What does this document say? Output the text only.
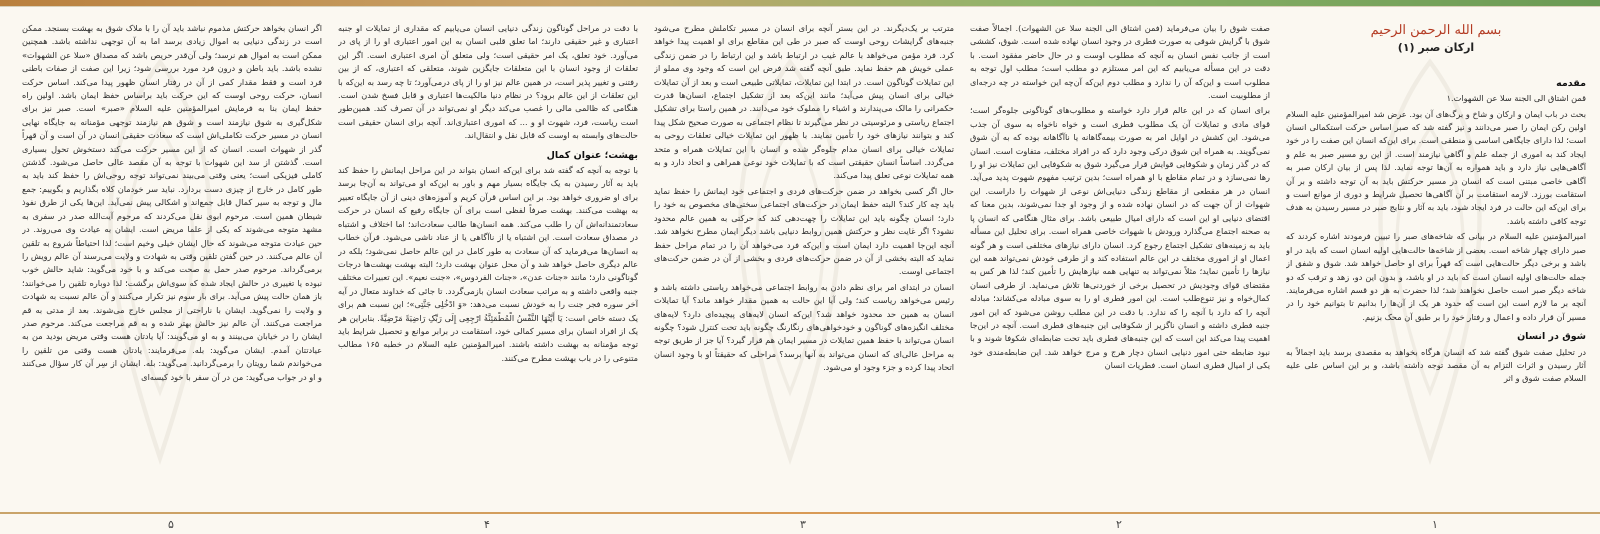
بسم الله الرحمن الرحیم
ارکان صبر (۱)
مقدمه

قمن اشتاق الی الجنة سلا عن الشهوات.۱

بحث در باب ایمان و ارکان و شاخ و برگ‌های آن بود. عرض شد امیرالمؤمنین علیه السلام اولین رکن ایمان را صبر می‌دانند و نیز گفته شد که صبر اساس حرکت استکمالی انسان است؛ لذا دارای جایگاهی اساسی و منطقی است. برای این‌که انسان این صفت را در خود ایجاد کند به اموری از جمله علم و آگاهی نیازمند است. از این رو مسیر صبر به علم و آگاهی‌هایی نیاز دارد و باید همواره به آن‌ها توجه نماید. لذا پس از بیان ارکان صبر به آگاهی خاصی مبتنی است که انسان در مسیر حرکتش باید به آن توجه داشته و بر آن استقامت بورزد. لازمه استقامت بر آن آگاهی‌ها تحصیل شرایط و دوری از موانع است و برای این‌که این حالت در فرد ایجاد شود، باید به آثار و نتایج صبر در مسیر رسیدن به هدف توجه کافی داشته باشد.

امیرالمؤمنین علیه السلام در بیانی که شاخه‌های صبر را تبیین فرمودند اشاره کردند که صبر دارای چهار شاخه است. بعضی از شاخه‌ها حالت‌هایی اولیه انسان است که باید در او باشد و برخی دیگر حالت‌هایی است که قهراً برای او حاصل خواهد شد. شوق و شفق از جمله حالت‌های اولیه انسان است که باید در او باشد، و بدون این دو، زهد و ترقب که دو شاخه دیگر صبر است حاصل نخواهند شد؛ لذا حضرت به هر دو قسم اشاره می‌فرمایند. آنچه بر ما لازم است این است که حدود هر یک از آن‌ها را بدانیم تا بتوانیم خود را در مسیر آن قرار داده و اعمال و رفتار خود را بر طبق آن محک بزنیم.

شوق در انسان

در تحلیل صفت شوق گفته شد که انسان هرگاه بخواهد به مقصدی برسد باید اجمالاً به آثار رسیدن و اثرات التزام به آن مقصد توجه داشته باشد، و بر این اساس علی علیه السلام صفت شوق و اثر

صفت شوق را بیان می‌فرماید (فمن اشتاق الی الجنة سلا عن الشهوات). اجمالاً صفت شوق با گرایش شوقی به صورت فطری در وجود انسان نهاده شده است. شوق، کششی است از جانب نفس انسان به آنچه که مطلوب اوست و در حال حاضر مفقود است. با دقت در این مسأله می‌یابیم که این امر مستلزم دو مطلب است؛ مطلب اول توجه به مطلوب است و این‌که آن را ندارد و مطلب دوم این‌که آن‌چه این خواسته در چه درجه‌ای از مطلوبیت است.

برای انسان که در این عالم قرار دارد خواسته و مطلوب‌های گوناگونی جلوه‌گر است؛ قوای مادی و تمایلات آن یک مطلوب فطری است و خواه ناخواه به سوی آن جذب می‌شود. این کشش در اوایل امر به صورت بیمه‌گاهانه یا ناآگاهانه بوده که به آن شوق نمی‌گویند. به همراه این شوق درکی وجود دارد که در افراد مختلف، متفاوت است. انسان که در گذر زمان و شکوفایی قوایش قرار می‌گیرد شوق به شکوفایی این تمایلات نیز او را رها نمی‌سازد و در تمام مقاطع با او همراه است؛ بدین ترتیب مفهوم شهوت پدید می‌آید. انسان در هر مقطعی از مقاطع زندگی دنیایی‌اش نوعی از شهوات را داراست. این شهوات از آن جهت که در انسان نهاده شده و از وجود او جدا نمی‌شوند، بدین معنا که اقتضای دنیایی او این است که دارای امیال طبیعی باشد. برای مثال هنگامی که انسان پا به صحنه اجتماع می‌گذارد ورودش با شهوات خاصی همراه است. برای تحلیل این مسأله باید به زمینه‌های تشکیل اجتماع رجوع کرد. انسان دارای نیازهای مختلفی است و هر گونه اعمال او از اموری مختلف در این عالم استفاده کند و از طرفی خودش نمی‌تواند همه این نیازها را تأمین نماید؛ مثلاً نمی‌تواند به تنهایی همه نیازهایش را تأمین کند؛ لذا هر کس به مقتضای قوای وجودیش در تحصیل برخی از خوردنی‌ها تلاش می‌نماید. از طرفی انسان کمال‌خواه و نیز تنوع‌طلب است. این امور فطری او را به سوی مبادله می‌کشاند؛ مبادله آنچه را که دارد با آنچه را که ندارد. با دقت در این مطلب روشن می‌شود که این امور جنبه فطری داشته و انسان ناگزیر از شکوفایی این جنبه‌های فطری است. آنچه در این‌جا اهمیت پیدا می‌کند این است که این جنبه‌های فطری باید تحت ضابطه‌ای شکوفا شوند و با نبود ضابطه حتی امور دنیایی انسان دچار هرج و مرج خواهد شد. این ضابطه‌مندی خود یکی از امیال فطری انسان است. فطریات انسان

مترتب بر یک‌دیگرند. در این بستر آنچه برای انسان در مسیر تکاملش مطرح می‌شود جنبه‌های گرایشات روحی اوست که صبر در طی این مقاطع برای او اهمیت پیدا خواهد کرد. فرد مؤمن می‌خواهد با عالم غیب در ارتباط باشد و این ارتباط را در ضمن زندگی عملی خویش هم حفظ نماید. طبق آنچه گفته شد فرض این است که وجود وی مملو از این تمایلات گوناگون است. در ابتدا این تمایلات، تمایلاتی طبیعی است و بعد از آن تمایلات خیالی برای انسان پیش می‌آید؛ مانند این‌که بعد از تشکیل اجتماع، انسان‌ها قدرت حکمرانی را مالک می‌پندارند و اشیاء را مملوک خود می‌دانند. در همین راستا برای تشکیل اجتماع ریاستی و مرئوسیتی در نظر می‌گیرند تا نظام اجتماعی به صورت صحیح شکل پیدا کند و بتوانند نیازهای خود را تأمین نمایند. با ظهور این تمایلات خیالی تعلقات روحی به تمایلات خیالی برای انسان مدام جلوه‌گر شده و انسان با این تمایلات همراه و متحد می‌گردد. اساساً انسان حقیقتی است که با تمایلات خود نوعی همراهی و اتحاد دارد و به همه تمایلات نوعی تعلق پیدا می‌کند.

حال اگر کسی بخواهد در ضمن حرکت‌های فردی و اجتماعی خود ایمانش را حفظ نماید باید چه کار کند؟ البته حفظ ایمان در حرکت‌های اجتماعی سختی‌های مخصوص به خود را دارد؛ انسان چگونه باید این تمایلات را چهت‌دهی کند که حرکتی به همین عالم محدود نشود؟ اگر غایت نظر و حرکتش همین روابط دنیایی باشد دیگر ایمان مطرح نخواهد شد. آنچه این‌جا اهمیت دارد ایمان است و این‌که فرد می‌خواهد آن را در تمام مراحل حفظ نماید که البته بخشی از آن در ضمن حرکت‌های فردی و بخشی از آن در ضمن حرکت‌های اجتماعی اوست.

انسان در ابتدای امر برای نظم دادن به روابط اجتماعی می‌خواهد ریاستی داشته باشد و رئیس می‌خواهد ریاست کند؛ ولی آیا این حالت به همین مقدار خواهد ماند؟ آیا تمایلات انسان به همین حد محدود خواهد شد؟ این‌که انسان لایه‌های پیچیده‌ای دارد؟ لایه‌های مختلف انگیزه‌های گوناگون و خودخواهی‌های رنگارنگ چگونه باید تحت کنترل شود؟ چگونه انسان می‌تواند با حفظ همین تمایلات در مسیر ایمان هم قرار گیرد؟ آیا جز از طریق توجه به مراحل عالی‌ای که انسان می‌تواند به آنها برسد؟ مراحلی که حقیقتاً او با وجود انسان اتحاد پیدا کرده و جزء وجود او می‌شود.

با دقت در مراحل گوناگون زندگی دنیایی انسان می‌یابیم که مقداری از تمایلات او جنبه اعتباری و غیر حقیقی دارند؛ اما تعلق قلبی انسان به این امور اعتباری او را از پای در می‌آورد. خود تعلق، یک امر حقیقی است؛ ولی متعلق آن امری اعتباری است. اگر این تعلقات از وجود انسان با این متعلقات جایگزین شوند، متعلقی که اعتباری، که از بین رفتنی و تغییر پذیر است، در همین عالم نیز او را از پای درمی‌آورد؛ تا چه رسد به این‌که با این تعلقات از این عالم برود؟ در نظام دنیا مالکیت‌ها اعتباری و قابل فسخ شدن است. هنگامی که ظالمی مالی را غصب می‌کند دیگر او نمی‌تواند در آن تصرف کند. همین‌طور است ریاست، فرد، شهوت او و ... که اموری اعتباری‌اند. آنچه برای انسان حقیقی است حالت‌های وابسته به اوست که قابل نقل و انتقال‌اند.

بهشت؛ عنوان کمال

با توجه به آنچه که گفته شد برای این‌که انسان بتواند در این مراحل ایمانش را حفظ کند باید به آثار رسیدن به یک جایگاه بسیار مهم و باور به این‌که او می‌تواند به آن‌جا برسد برای او ضروری خواهد بود. بر این اساس قرآن کریم و آموزه‌های دینی از آن جایگاه تعبیر به بهشت می‌کنند. بهشت صرفاً لفظی است برای آن جایگاه رفیع که انسان در حرکت سعادتمندانه‌اش آن را طلب می‌کند. همه انسان‌ها طالب سعادت‌اند؛ اما اختلاف و اشتباه در مصداق سعادت است. این اشتباه یا از ناآگاهی یا از عناد ناشی می‌شود. قرآن خطاب به انسان‌ها می‌فرماید که آن سعادت به طور کامل در این عالم حاصل نمی‌شود؛ بلکه در عالم دیگری حاصل خواهد شد و آن محل عنوان بهشت دارد؛ البته بهشت بهشت‌ها درجات گوناگونی دارد؛ مانند «جنات عدن»، «جنات الفردوس»، «جنت نعیم». این تعبیرات مختلف جنبه واقعی داشته و به مراتب سعادت انسان بازمی‌گردد. تا جائی که خداوند متعال در آیه آخر سوره فجر جنت را به خودش نسبت می‌دهد: «وَ ادْخُلِی جَنَّتِی»؛ این نسبت هم برای یک دسته خاص است: یَا أَیَّتُهَا النَّفْسُ الْمُطْمَئِنَّةُ ارْجِعِی إِلَى رَبِّکِ رَاضِیَةً مَرْضِیَّةً. بنابراین هر یک از افراد انسان برای مسیر کمالی خود، استقامت در برابر موانع و تحصیل شرایط باید توجه مؤمنانه به بهشت داشته باشند. امیرالمؤمنین علیه السلام در خطبه ۱۶۵ مطالب متنوعی را در باب بهشت مطرح می‌کنند.

اگر انسان بخواهد حرکتش مذموم نباشد باید آن را با ملاک شوق به بهشت بسنجد. ممکن است در زندگی دنیایی به اموال زیادی برسد اما به آن توجهی نداشته باشد. همچنین ممکن است به اموال هم نرسد؛ ولی آن‌قدر حریص باشد که مصداق «سلا عن الشهوات» نشده باشد. باید باطن و درون فرد مورد بررسی شود؛ زیرا این صفت از صفات باطنی فرد است و فقط مقدار کمی از آن در رفتار انسان ظهور پیدا می‌کند. اساس حرکت انسان، حرکت روحی اوست که این حرکت باید براساس حفظ ایمان باشد. اولین راه حفظ ایمان بنا به فرمایش امیرالمؤمنین علیه السلام «صبر» است. صبر نیز برای شکل‌گیری به شوق نیازمند است و شوق هم نیازمند توجهی مؤمنانه به جایگاه نهایی انسان در مسیر حرکت تکاملی‌اش است که سعادت حقیقی انسان در آن است و آن قهراً گذر از شهوات است. انسان که از این مسیر حرکت می‌کند دستخوش تحول بسیاری است. گذشتن از سد این شهوات با توجه به آن مقصد عالی حاصل می‌شود. گذشتن کاملی فیزیکی است؛ یعنی وقتی می‌بیند نمی‌تواند توجه روحی‌اش را حفظ کند باید به طور کامل در خارج از چیزی دست بردارد. نباید سر خودمان کلاه بگذاریم و بگوییم: جمع مال و توجه به سیر کمال قابل جمع‌اند و اشکالی پیش نمی‌آید. این‌ها یکی از طرق نفوذ شیطان همین است. مرحوم ابوی نقل می‌کردند که مرحوم آیت‌الله صدر در سفری به مشهد متوجه می‌شوند که یکی از علما مریض است. ایشان به عیادت وی می‌روند. در حین عیادت متوجه می‌شوند که حال ایشان خیلی وخیم است؛ لذا احتیاطاً شروع به تلقین آن عالم می‌کنند. در حین گفتن تلقین وقتی به شهادت و ولایت می‌رسند آن عالم رویش را برمی‌گرداند. مرحوم صدر حمل به صحت می‌کند و با خود می‌گوید: شاید حالش خوب نبوده یا تغییری در حالش ایجاد شده که سوی‌اش برگشت؛ لذا دوباره تلقین را می‌خوانند؛ باز همان حالت پیش می‌آید. برای بار سوم نیز تکرار می‌کنند و آن عالم نسبت به شهادت و ولایت را نمی‌گوید. ایشان با ناراحتی از مجلس خارج می‌شوند. بعد از مدتی به قم مراجعت می‌کنند. آن عالم نیز حالش بهتر شده و به قم مراجعت می‌کند. مرحوم صدر ایشان را در خیابان می‌بینند و به او می‌گویند: آیا یادتان هست وقتی مریض بودید من به عیادتتان آمدم. ایشان می‌گوید: بله. می‌فرمایند: یادتان هست وقتی من تلقین را می‌خواندم شما رویتان را برمی‌گردانید. می‌گوید: بله. ایشان از سِر آن کار سؤال می‌کنند و او در جواب می‌گوید: من در آن سفر با خود کیسه‌ای

۱
۲
۳
۴
۵
